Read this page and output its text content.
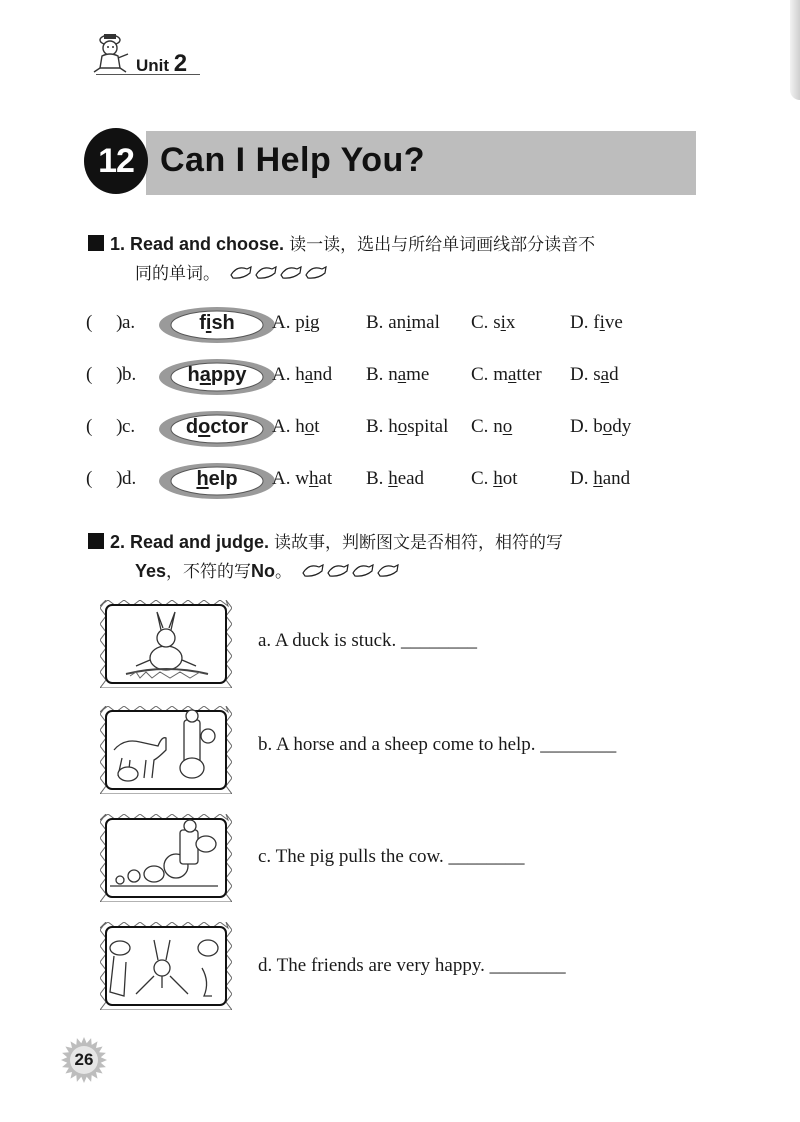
Unit 2
Can I Help You?
12
1. Read and choose. 读一读，选出与所给单词画线部分读音不
同的单词。
( ) a.	fish	A. pig B. animal C. six	D. five
( ) b.	happy	A. hand B. name C. matter D. sad
( ) c.	doctor	A. hot B. hospital C. no	D. body
( ) d.	help	A. what B. head C. hot	D. hand
2. Read and judge. 读故事，判断图文是否相符，相符的写
Yes，不符的写No。
a. A duck is stuck. ________
b. A horse and a sheep come to help. ________
c. The pig pulls the cow. ________
d. The friends are very happy. ________
26
